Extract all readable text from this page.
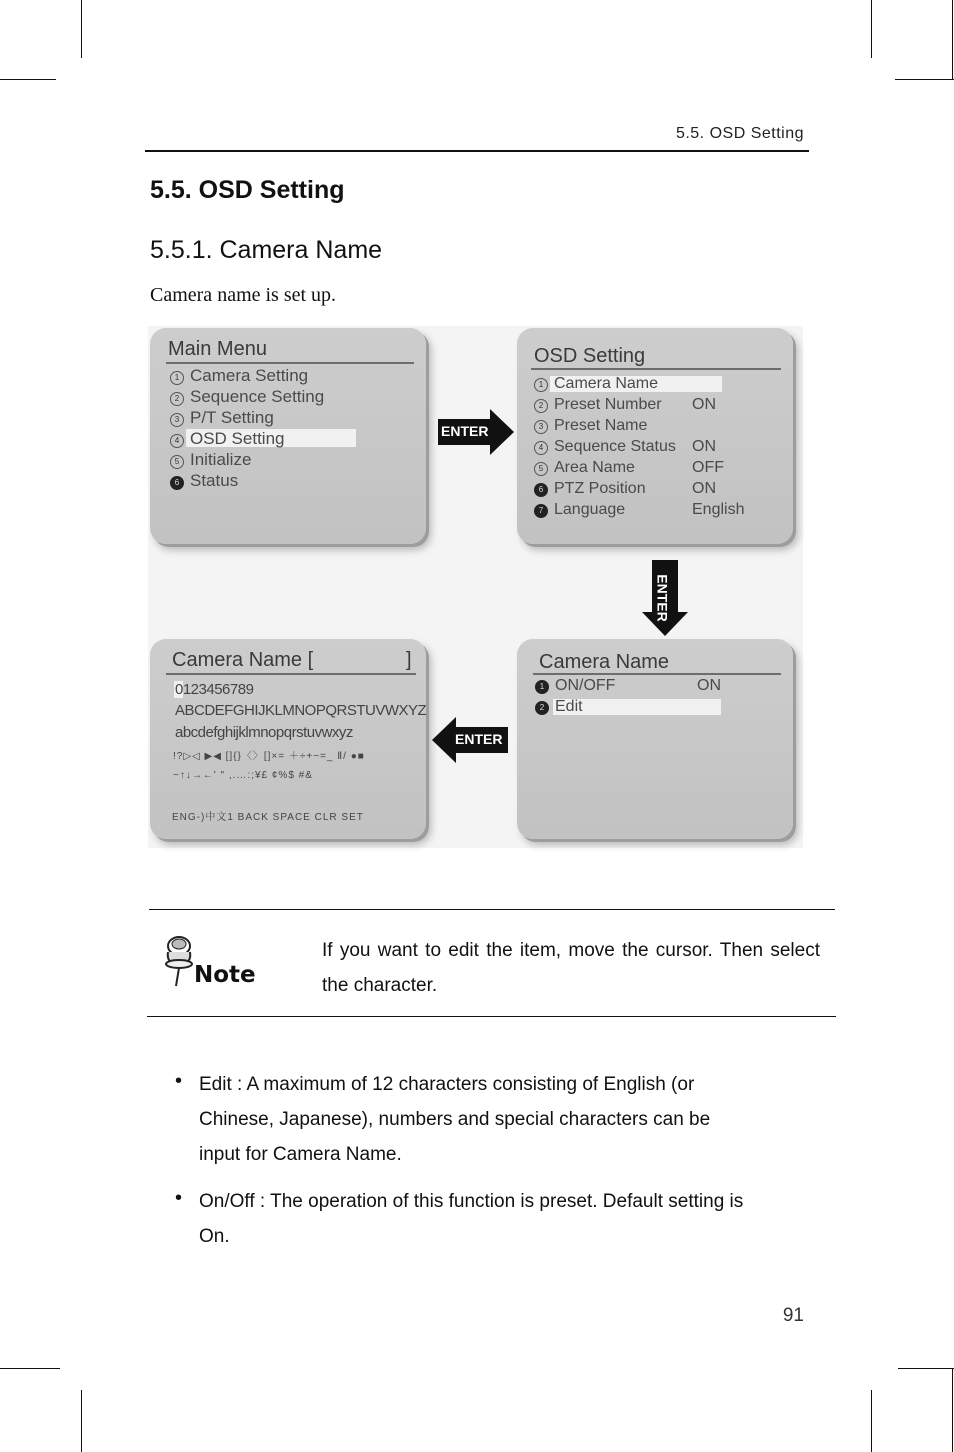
5.5. OSD Setting
5.5. OSD Setting
5.5.1. Camera Name
Camera name is set up.
Main Menu
1 Camera Setting
2 Sequence Setting
3 P/T Setting
4 OSD Setting
5 Initialize
6 Status
OSD Setting
1 Camera Name
2 Preset Number ON
3 Preset Name
4 Sequence Status ON
5 Area Name	OFF
6 PTZ Position	ON
7 Language	English
Camera Name [	]
0123456789
ABCDEFGHIJKLMNOPQRSTUVWXYZ
abcdefghijklmnopqrstuvwxyz
!?▷◁ ▶◀ []{}〈〉[]×= ＋÷+−=_ Ⅱ/ ●■
~↑↓→←' " ,.…:;¥£ ¢%$ #&
ENG-)中文1 BACK SPACE CLR SET
Camera Name
1 ON/OFF	ON
2 Edit
ENTER
ENTER
ENTER
Note
If you want to edit the item, move the cursor. Then select the character.
• Edit : A maximum of 12 characters consisting of English (or
Chinese, Japanese), numbers and special characters can be
input for Camera Name.
• On/Off : The operation of this function is preset. Default setting is
On.
91
